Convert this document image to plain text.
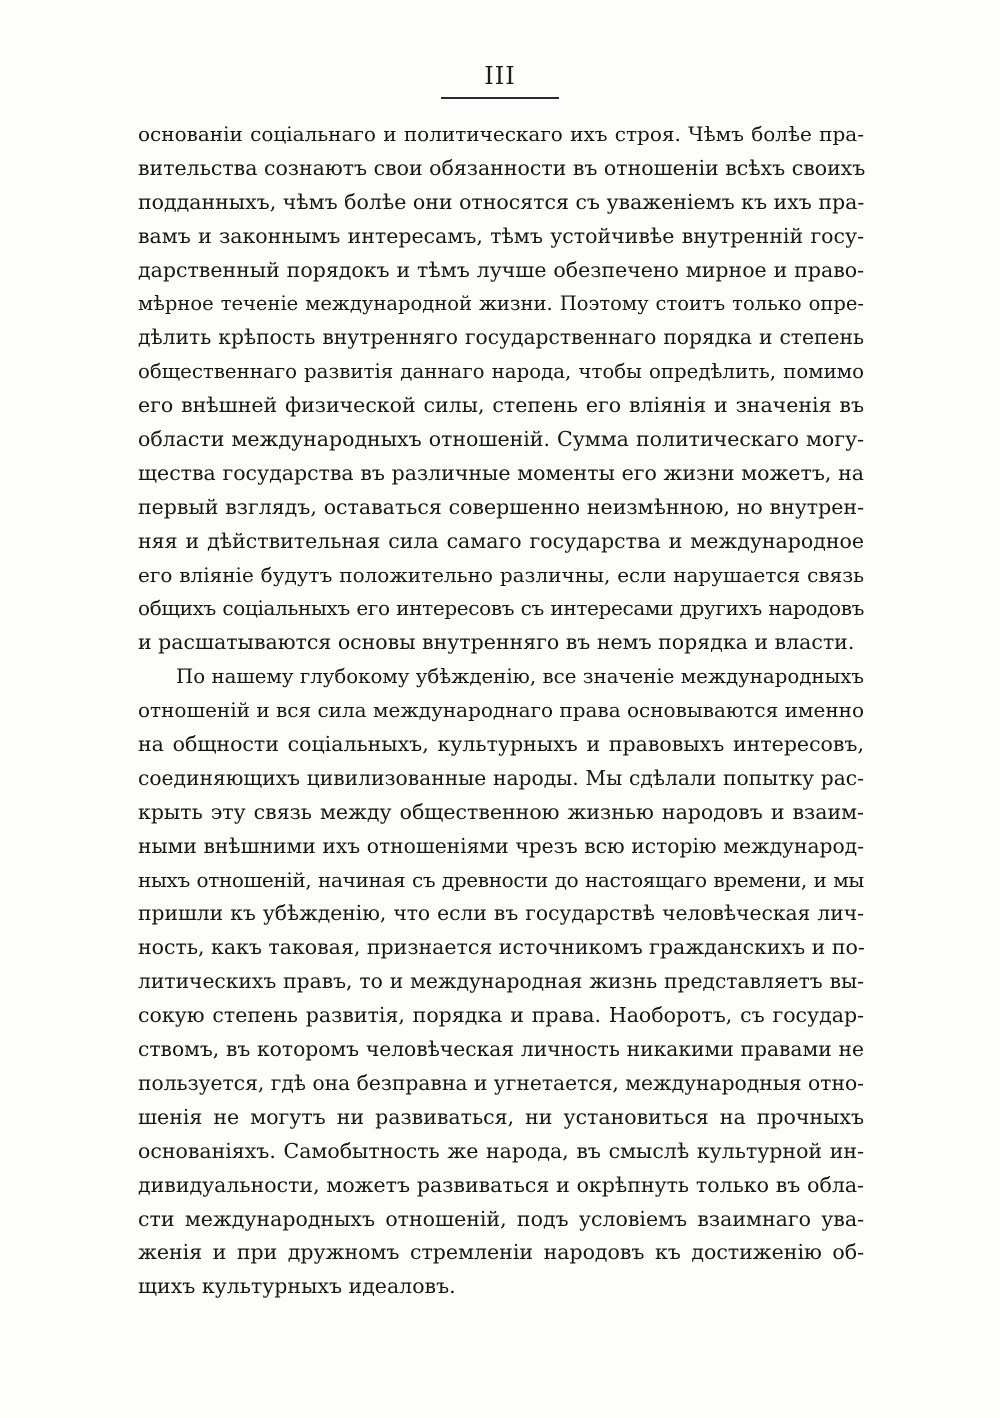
ΙΙΙ
основаніи соціальнаго и политическаго ихъ строя. Чѣмъ болѣе пра-
вительства сознаютъ свои обязанности въ отношеніи всѣхъ своихъ
подданныхъ, чѣмъ болѣе они относятся съ уваженіемъ къ ихъ пра-
вамъ и законнымъ интересамъ, тѣмъ устойчивѣе внутренній госу-
дарственный порядокъ и тѣмъ лучше обезпечено мирное и право-
мѣрное теченіе международной жизни. Поэтому стоитъ только опре-
дѣлить крѣпость внутренняго государственнаго порядка и степень
общественнаго развитія даннаго народа, чтобы опредѣлить, помимо
его внѣшней физической силы, степень его вліянія и значенія въ
области международныхъ отношеній. Сумма политическаго могу-
щества государства въ различные моменты его жизни можетъ, на
первый взглядъ, оставаться совершенно неизмѣнною, но внутрен-
няя и дѣйствительная сила самаго государства и международное
его вліяніе будутъ положительно различны, если нарушается связь
общихъ соціальныхъ его интересовъ съ интересами другихъ народовъ
и расшатываются основы внутренняго въ немъ порядка и власти.
По нашему глубокому убѣжденію, все значеніе международныхъ
отношеній и вся сила международнаго права основываются именно
на общности соціальныхъ, культурныхъ и правовыхъ интересовъ,
соединяющихъ цивилизованные народы. Мы сдѣлали попытку рас-
крыть эту связь между общественною жизнью народовъ и взаим-
ными внѣшними ихъ отношеніями чрезъ всю исторію международ-
ныхъ отношеній, начиная съ древности до настоящаго времени, и мы
пришли къ убѣжденію, что если въ государствѣ человѣческая лич-
ность, какъ таковая, признается источникомъ гражданскихъ и по-
литическихъ правъ, то и международная жизнь представляетъ вы-
сокую степень развитія, порядка и права. Наоборотъ, съ государ-
ствомъ, въ которомъ человѣческая личность никакими правами не
пользуется, гдѣ она безправна и угнетается, международныя отно-
шенія не могутъ ни развиваться, ни установиться на прочныхъ
основаніяхъ. Самобытность же народа, въ смыслѣ культурной ин-
дивидуальности, можетъ развиваться и окрѣпнуть только въ обла-
сти международныхъ отношеній, подъ условіемъ взаимнаго ува-
женія и при дружномъ стремленіи народовъ къ достиженію об-
щихъ культурныхъ идеаловъ.
